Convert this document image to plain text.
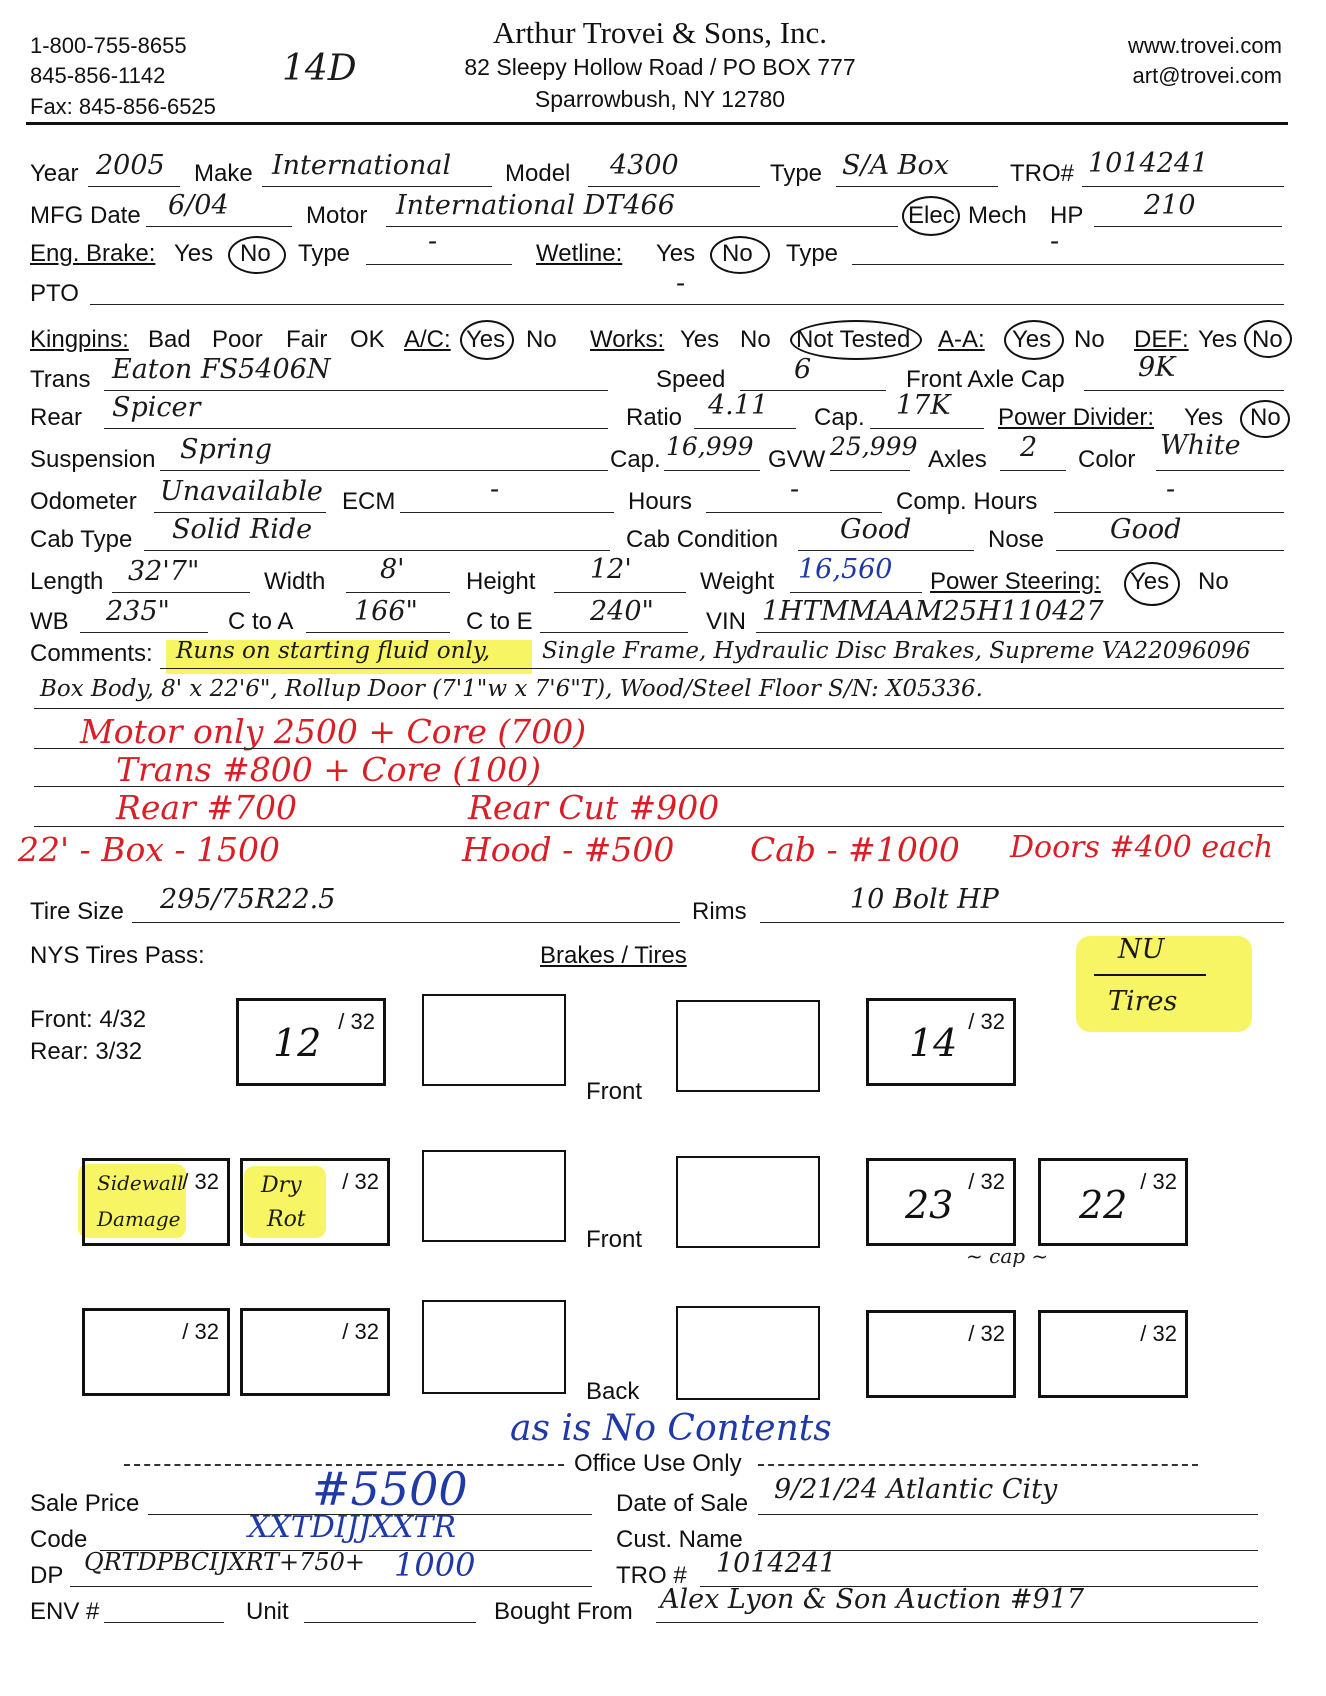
1-800-755-8655
845-856-1142
Fax: 845-856-6525
14D
Arthur Trovei & Sons, Inc.
82 Sleepy Hollow Road / PO BOX 777
Sparrowbush, NY 12780
www.trovei.com
art@trovei.com
Year 2005 Make International Model 4300	Type S/A Box	TRO# 1014241
MFG Date 6/04	Motor International DT466	Elec Mech HP 210
Eng. Brake: Yes No Type	-	Wetline: Yes No Type	-
PTO	-
Kingpins: Bad Poor Fair OK A/C: Yes No Works: Yes No Not Tested A-A: Yes No DEF: Yes No
Trans Eaton FS5406N	Speed	6	Front Axle Cap	9K
Rear Spicer	Ratio 4.11 Cap. 17K Power Divider: Yes No
Suspension Spring	Cap. 16,999 GVW 25,999 Axles 2 Color White
Odometer Unavailable ECM	-	Hours	-	Comp. Hours	-
Cab Type Solid Ride	Cab Condition Good	Nose Good
Length 32'7"	Width 8'	Height 12'	Weight 16,560 Power Steering: Yes No
WB 235" C to A 166" C to E 240" VIN 1HTMMAAM25H110427
Comments: Runs on starting fluid only, Single Frame, Hydraulic Disc Brakes, Supreme VA22096096
Box Body, 8' x 22'6", Rollup Door (7'1"w x 7'6"T), Wood/Steel Floor S/N: X05336.
Motor only 2500 + Core (700)
Trans #800 + Core (100)
Rear #700	Rear Cut #900
22' - Box - 1500	Hood - #500 Cab - #1000 Doors #400 each
Tire Size 295/75R22.5	Rims	10 Bolt HP
NYS Tires Pass:	Brakes / Tires	NU
Tires
Front: 4/32
Rear: 3/32
/ 32
12
Front
/ 32
14
/ 32
Sidewall
Damage
/ 32
Dry
Rot
Front
/ 32
23
/ 32
22
~ cap ~
/ 32	/ 32
Back
/ 32	/ 32
as is No Contents
Office Use Only
Sale Price	#5500	Date of Sale 9/21/24 Atlantic City
Code	XXTDIJJXXTR	Cust. Name
DP QRTDPBCIJXRT+750+ 1000	TRO # 1014241
ENV #	Unit	Bought From Alex Lyon & Son Auction #917
